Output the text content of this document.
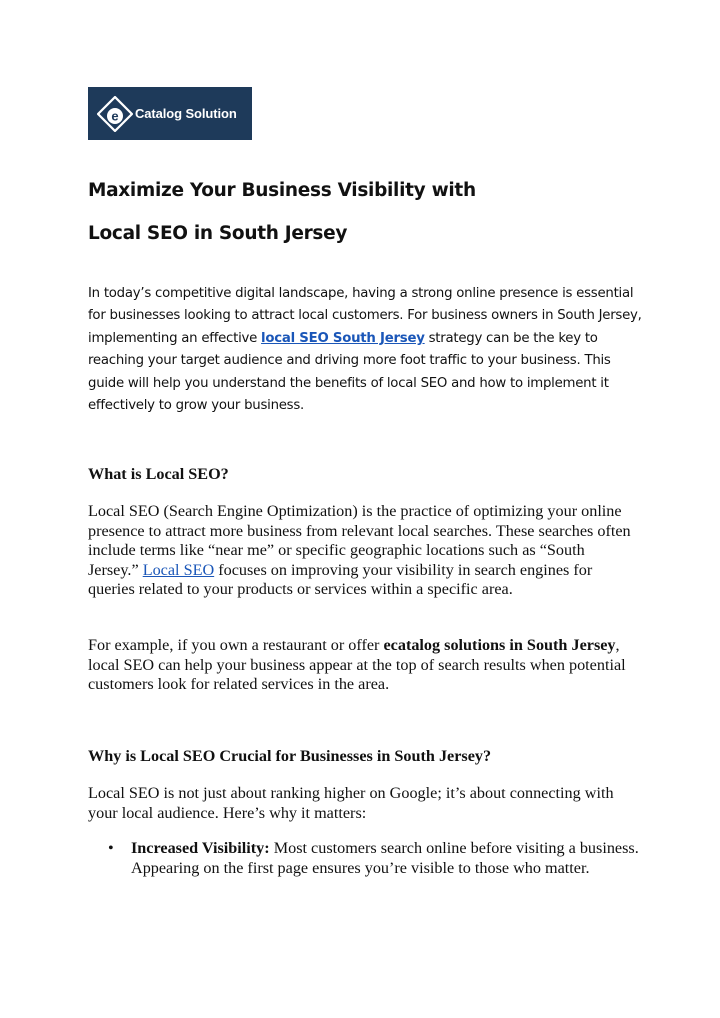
e Catalog Solution
Maximize Your Business Visibility with
Local SEO in South Jersey

In today’s competitive digital landscape, having a strong online presence is essential for businesses looking to attract local customers. For business owners in South Jersey, implementing an effective local SEO South Jersey strategy can be the key to reaching your target audience and driving more foot traffic to your business. This guide will help you understand the benefits of local SEO and how to implement it effectively to grow your business.

What is Local SEO?

Local SEO (Search Engine Optimization) is the practice of optimizing your online presence to attract more business from relevant local searches. These searches often include terms like “near me” or specific geographic locations such as “South Jersey.” Local SEO focuses on improving your visibility in search engines for queries related to your products or services within a specific area.

For example, if you own a restaurant or offer ecatalog solutions in South Jersey, local SEO can help your business appear at the top of search results when potential customers look for related services in the area.

Why is Local SEO Crucial for Businesses in South Jersey?

Local SEO is not just about ranking higher on Google; it’s about connecting with your local audience. Here’s why it matters:

• Increased Visibility: Most customers search online before visiting a business. Appearing on the first page ensures you’re visible to those who matter.
